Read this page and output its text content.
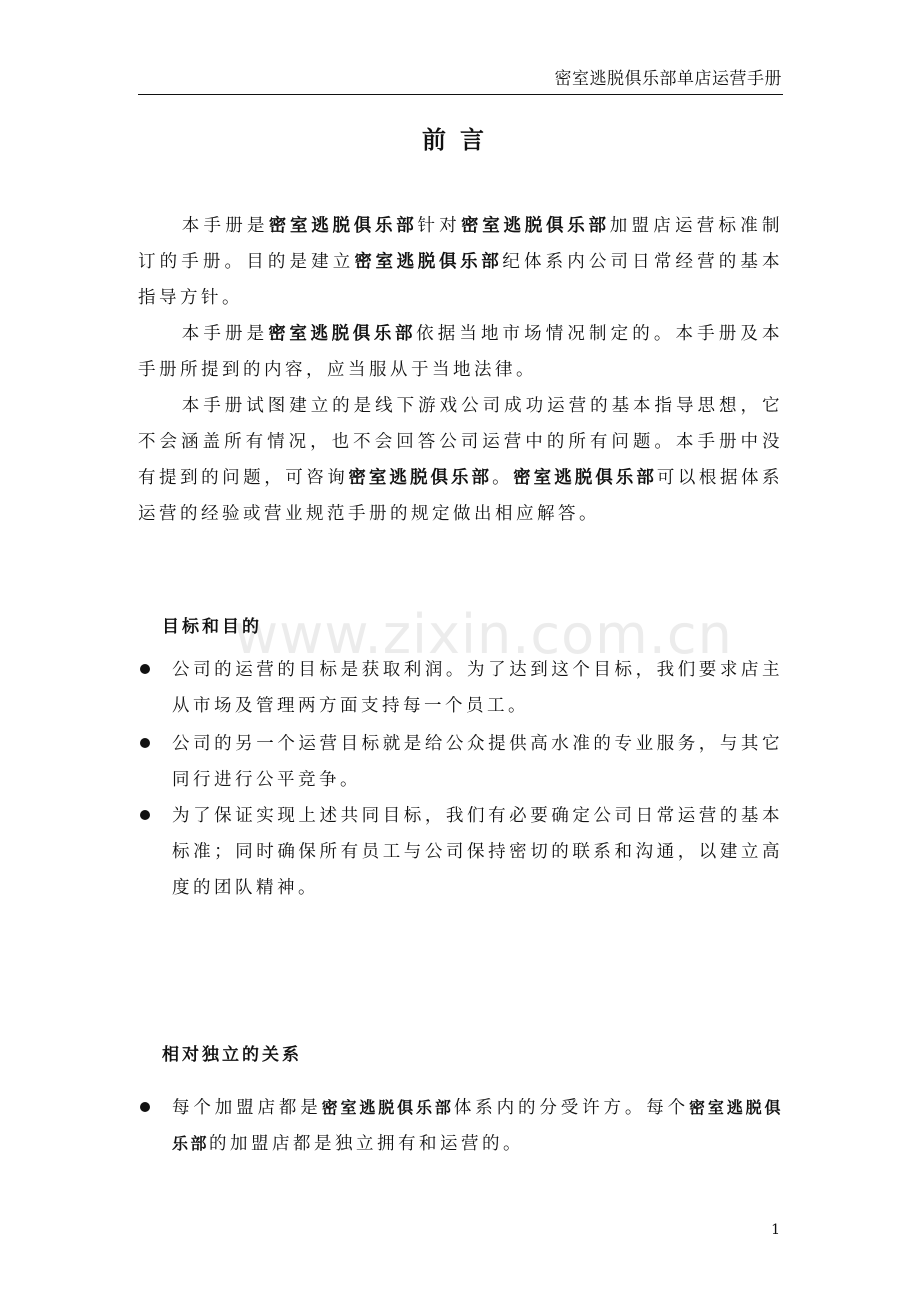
密室逃脱俱乐部单店运营手册
前言

本手册是密室逃脱俱乐部针对密室逃脱俱乐部加盟店运营标准制订的手册。目的是建立密室逃脱俱乐部纪体系内公司日常经营的基本指导方针。

本手册是密室逃脱俱乐部依据当地市场情况制定的。本手册及本手册所提到的内容，应当服从于当地法律。

本手册试图建立的是线下游戏公司成功运营的基本指导思想，它不会涵盖所有情况，也不会回答公司运营中的所有问题。本手册中没有提到的问题，可咨询密室逃脱俱乐部。密室逃脱俱乐部可以根据体系运营的经验或营业规范手册的规定做出相应解答。

www.zixin.com.cn
目标和目的
公司的运营的目标是获取利润。为了达到这个目标，我们要求店主从市场及管理两方面支持每一个员工。
公司的另一个运营目标就是给公众提供高水准的专业服务，与其它同行进行公平竞争。
为了保证实现上述共同目标，我们有必要确定公司日常运营的基本标准；同时确保所有员工与公司保持密切的联系和沟通，以建立高度的团队精神。
相对独立的关系
每个加盟店都是密室逃脱俱乐部体系内的分受许方。每个密室逃脱俱乐部的加盟店都是独立拥有和运营的。
1
